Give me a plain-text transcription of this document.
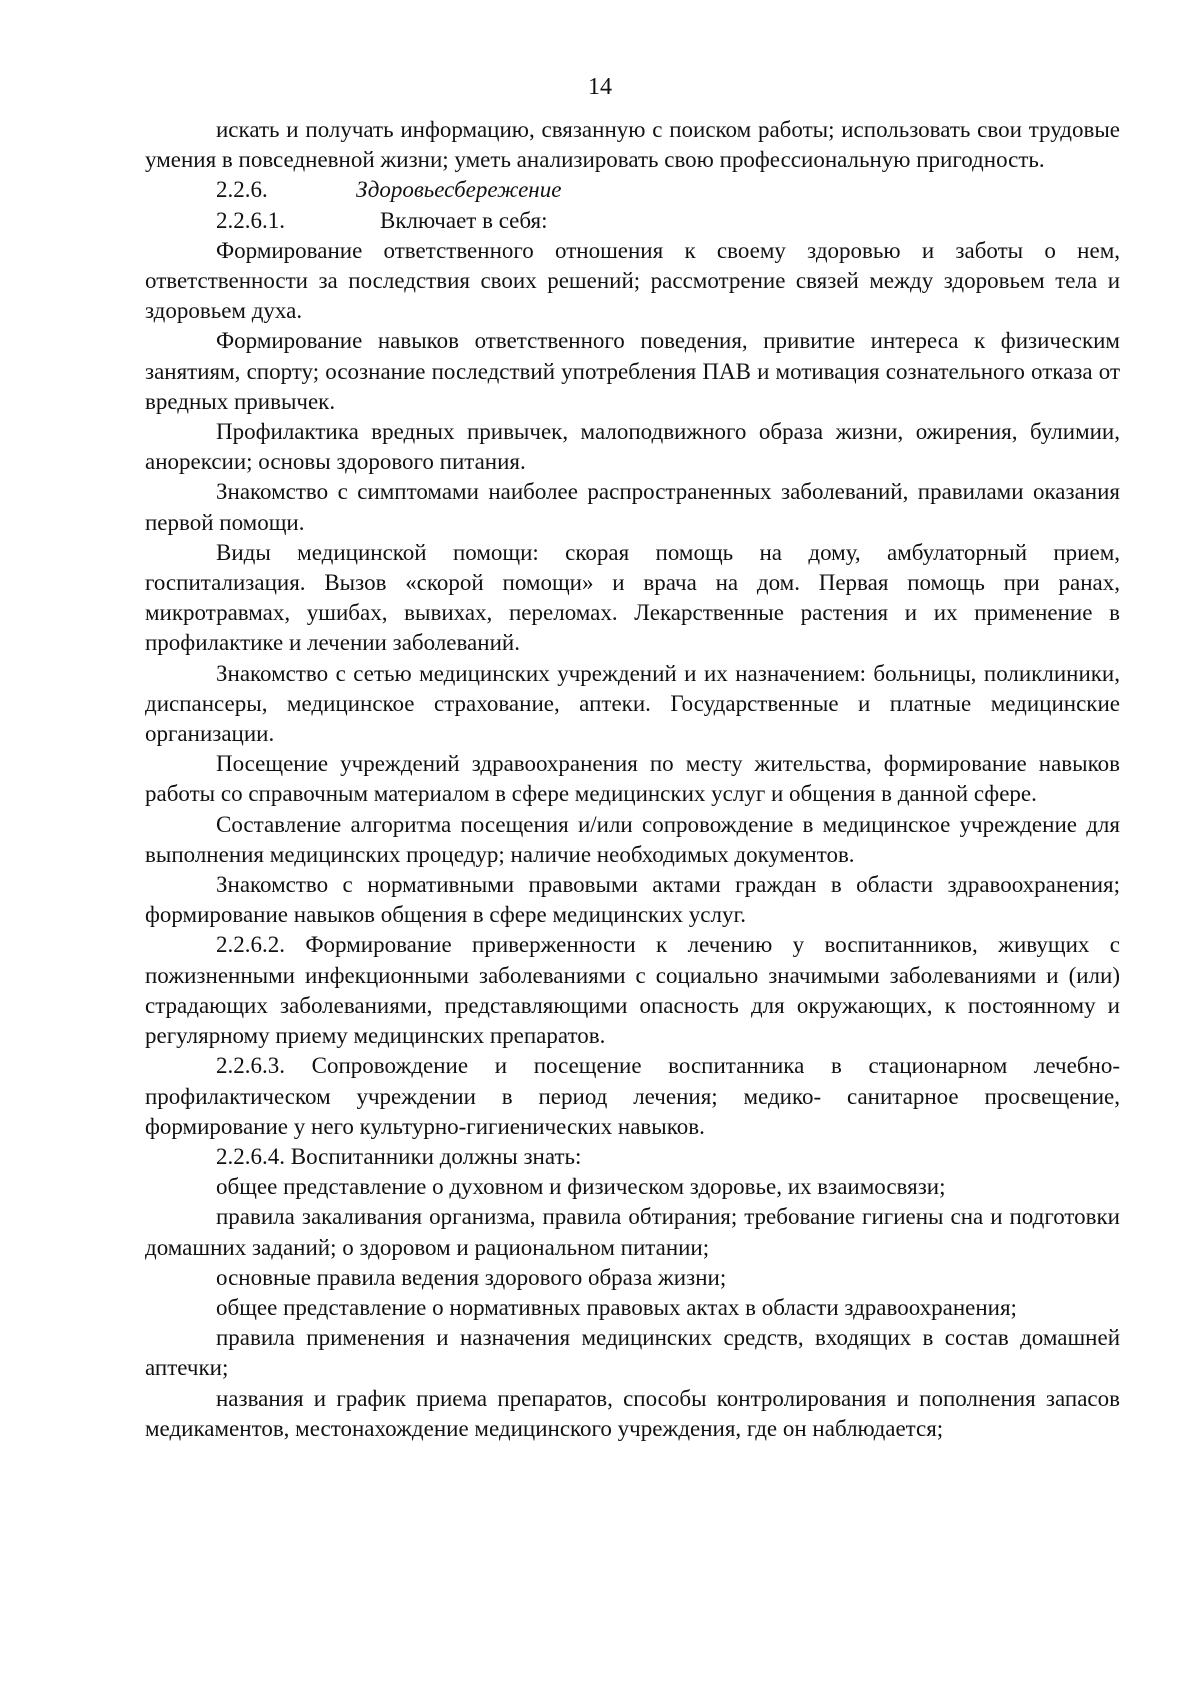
14

искать и получать информацию, связанную с поиском работы; использовать свои трудовые умения в повседневной жизни; уметь анализировать свою профессиональную пригодность.

2.2.6.	Здоровьесбережение

2.2.6.1.	Включает в себя:

Формирование ответственного отношения к своему здоровью и заботы о нем, ответственности за последствия своих решений; рассмотрение связей между здоровьем тела и здоровьем духа.

Формирование навыков ответственного поведения, привитие интереса к физическим занятиям, спорту; осознание последствий употребления ПАВ и мотивация сознательного отказа от вредных привычек.

Профилактика вредных привычек, малоподвижного образа жизни, ожирения, булимии, анорексии; основы здорового питания.

Знакомство с симптомами наиболее распространенных заболеваний, правилами оказания первой помощи.

Виды медицинской помощи: скорая помощь на дому, амбулаторный прием, госпитализация. Вызов «скорой помощи» и врача на дом. Первая помощь при ранах, микротравмах, ушибах, вывихах, переломах. Лекарственные растения и их применение в профилактике и лечении заболеваний.

Знакомство с сетью медицинских учреждений и их назначением: больницы, поликлиники, диспансеры, медицинское страхование, аптеки. Государственные и платные медицинские организации.

Посещение учреждений здравоохранения по месту жительства, формирование навыков работы со справочным материалом в сфере медицинских услуг и общения в данной сфере.

Составление алгоритма посещения и/или сопровождение в медицинское учреждение для выполнения медицинских процедур; наличие необходимых документов.

Знакомство с нормативными правовыми актами граждан в области здравоохранения; формирование навыков общения в сфере медицинских услуг.

2.2.6.2. Формирование приверженности к лечению у воспитанников, живущих с пожизненными инфекционными заболеваниями с социально значимыми заболеваниями и (или) страдающих заболеваниями, представляющими опасность для окружающих, к постоянному и регулярному приему медицинских препаратов.

2.2.6.3. Сопровождение и посещение воспитанника в стационарном лечебно-профилактическом учреждении в период лечения; медико- санитарное просвещение, формирование у него культурно-гигиенических навыков.

2.2.6.4. Воспитанники должны знать:

общее представление о духовном и физическом здоровье, их взаимосвязи;

правила закаливания организма, правила обтирания; требование гигиены сна и подготовки домашних заданий; о здоровом и рациональном питании;

основные правила ведения здорового образа жизни;

общее представление о нормативных правовых актах в области здравоохранения;

правила применения и назначения медицинских средств, входящих в состав домашней аптечки;

названия и график приема препаратов, способы контролирования и пополнения запасов медикаментов, местонахождение медицинского учреждения, где он наблюдается;
